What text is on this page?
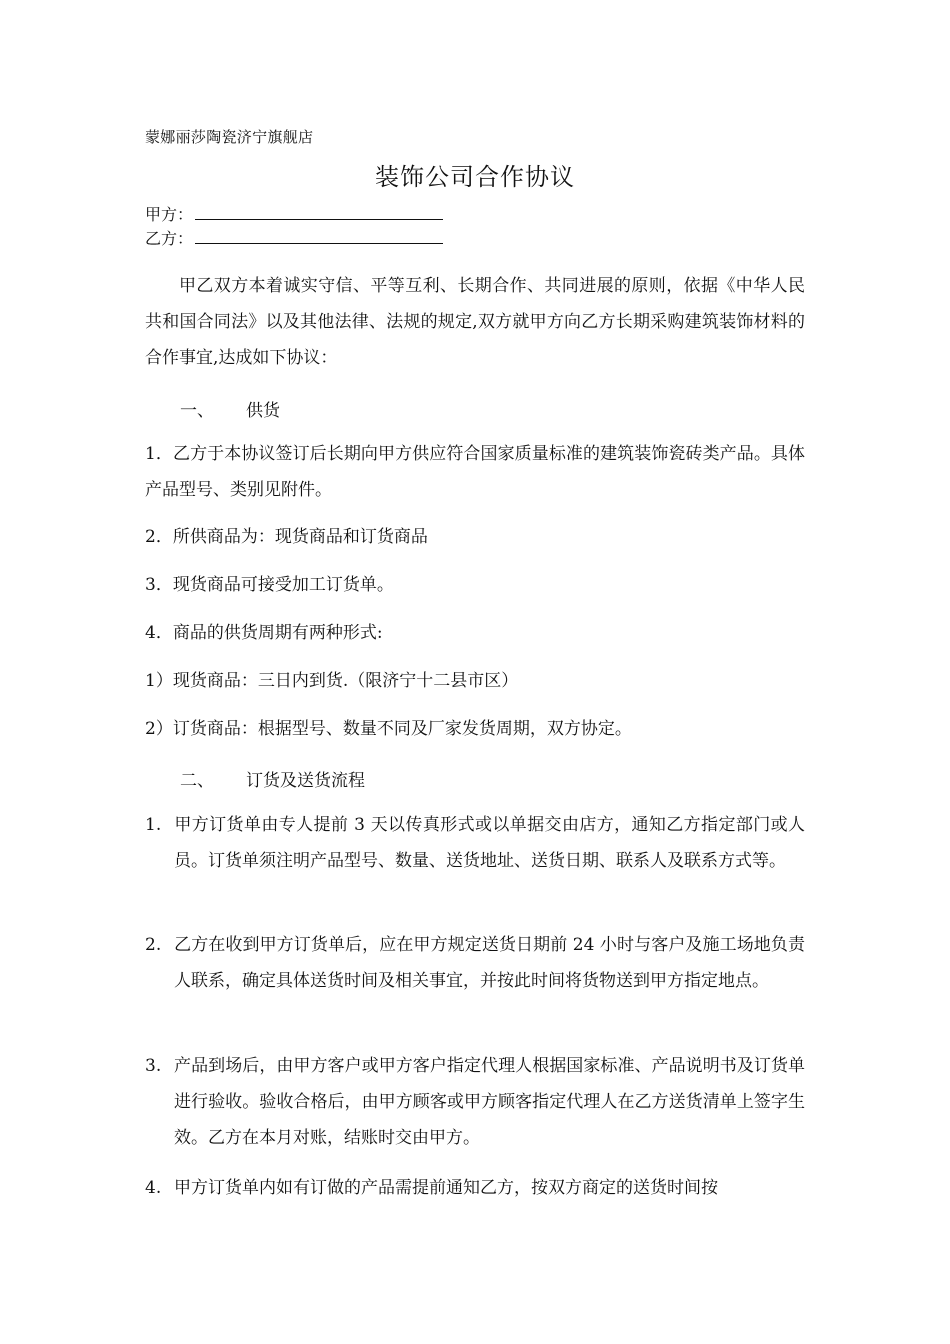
蒙娜丽莎陶瓷济宁旗舰店
装饰公司合作协议
甲方：
乙方：
甲乙双方本着诚实守信、平等互利、长期合作、共同进展的原则，依据《中华人民共和国合同法》以及其他法律、法规的规定,双方就甲方向乙方长期采购建筑装饰材料的合作事宜,达成如下协议：
一、 供货
1．乙方于本协议签订后长期向甲方供应符合国家质量标准的建筑装饰瓷砖类产品。具体产品型号、类别见附件。
2．所供商品为：现货商品和订货商品
3．现货商品可接受加工订货单。
4．商品的供货周期有两种形式:
1）现货商品：三日内到货.（限济宁十二县市区）
2）订货商品：根据型号、数量不同及厂家发货周期，双方协定。
二、 订货及送货流程
1. 甲方订货单由专人提前 3 天以传真形式或以单据交由店方，通知乙方指定部门或人员。订货单须注明产品型号、数量、送货地址、送货日期、联系人及联系方式等。
2. 乙方在收到甲方订货单后，应在甲方规定送货日期前 24 小时与客户及施工场地负责人联系，确定具体送货时间及相关事宜，并按此时间将货物送到甲方指定地点。
3. 产品到场后，由甲方客户或甲方客户指定代理人根据国家标准、产品说明书及订货单进行验收。验收合格后，由甲方顾客或甲方顾客指定代理人在乙方送货清单上签字生效。乙方在本月对账，结账时交由甲方。
4. 甲方订货单内如有订做的产品需提前通知乙方，按双方商定的送货时间按
